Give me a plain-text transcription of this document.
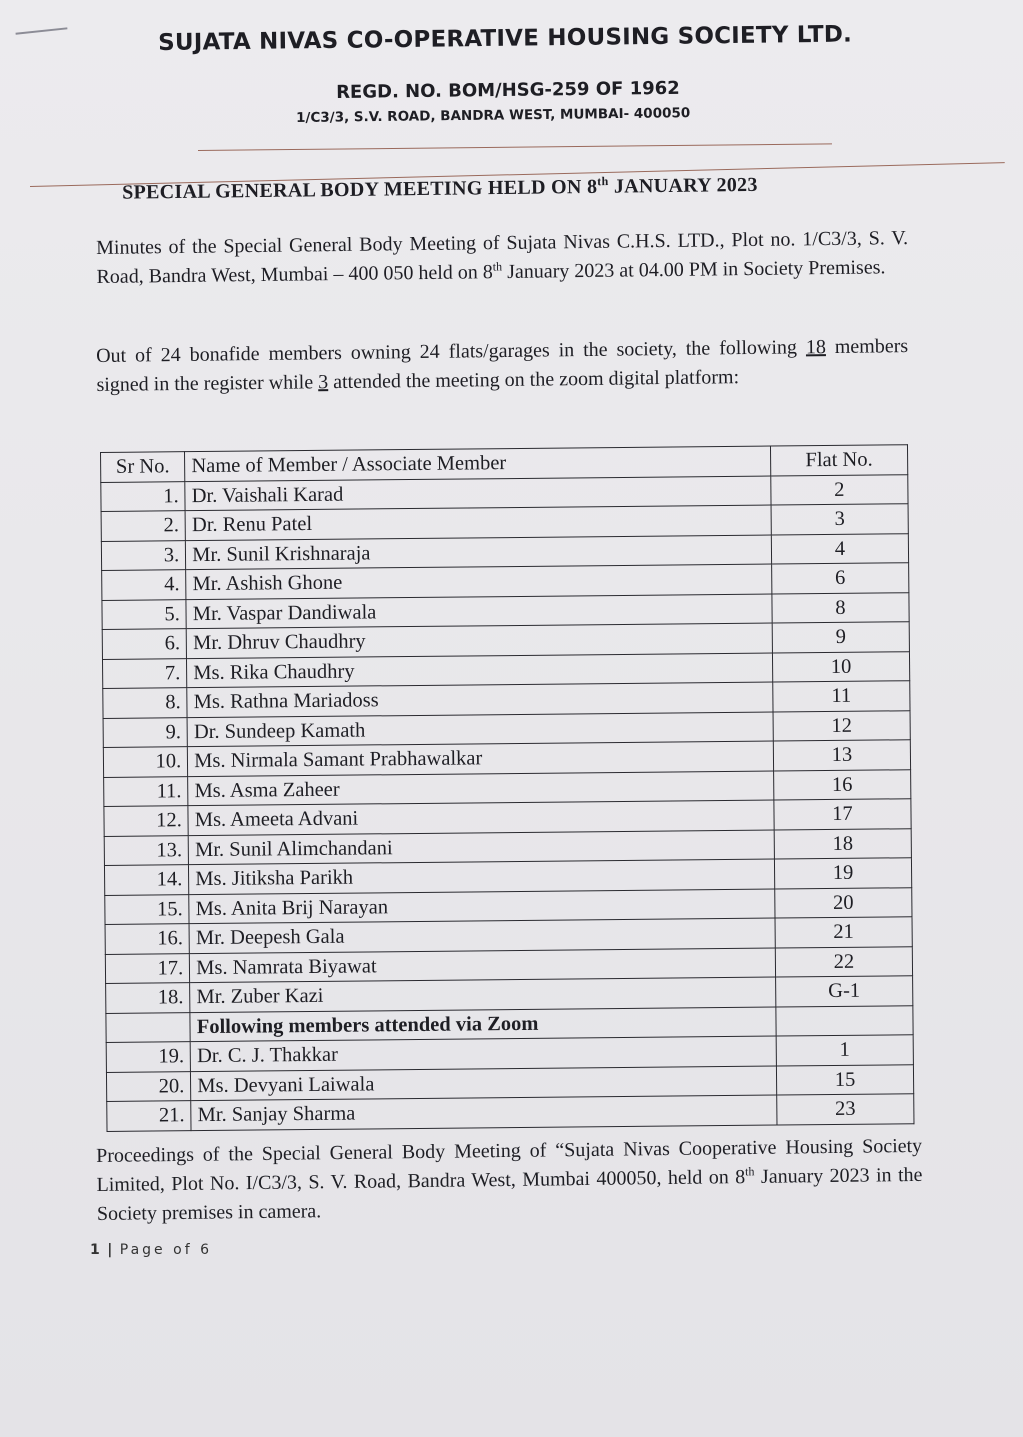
SUJATA NIVAS CO-OPERATIVE HOUSING SOCIETY LTD.
REGD. NO. BOM/HSG-259 OF 1962
1/C3/3, S.V. ROAD, BANDRA WEST, MUMBAI- 400050
SPECIAL GENERAL BODY MEETING HELD ON 8th JANUARY 2023
Minutes of the Special General Body Meeting of Sujata Nivas C.H.S. LTD., Plot no. 1/C3/3, S. V. Road, Bandra West, Mumbai – 400 050 held on 8th January 2023 at 04.00 PM in Society Premises.
Out of 24 bonafide members owning 24 flats/garages in the society, the following 18 members signed in the register while 3 attended the meeting on the zoom digital platform:
Sr No.	Name of Member / Associate Member	Flat No.
1.	Dr. Vaishali Karad	2
2.	Dr. Renu Patel	3
3.	Mr. Sunil Krishnaraja	4
4.	Mr. Ashish Ghone	6
5.	Mr. Vaspar Dandiwala	8
6.	Mr. Dhruv Chaudhry	9
7.	Ms. Rika Chaudhry	10
8.	Ms. Rathna Mariadoss	11
9.	Dr. Sundeep Kamath	12
10.	Ms. Nirmala Samant Prabhawalkar	13
11.	Ms. Asma Zaheer	16
12.	Ms. Ameeta Advani	17
13.	Mr. Sunil Alimchandani	18
14.	Ms. Jitiksha Parikh	19
15.	Ms. Anita Brij Narayan	20
16.	Mr. Deepesh Gala	21
17.	Ms. Namrata Biyawat	22
18.	Mr. Zuber Kazi	G-1
	Following members attended via Zoom	
19.	Dr. C. J. Thakkar	1
20.	Ms. Devyani Laiwala	15
21.	Mr. Sanjay Sharma	23
Proceedings of the Special General Body Meeting of “Sujata Nivas Cooperative Housing Society Limited, Plot No. I/C3/3, S. V. Road, Bandra West, Mumbai 400050, held on 8th January 2023 in the Society premises in camera.
1 | Page of 6
